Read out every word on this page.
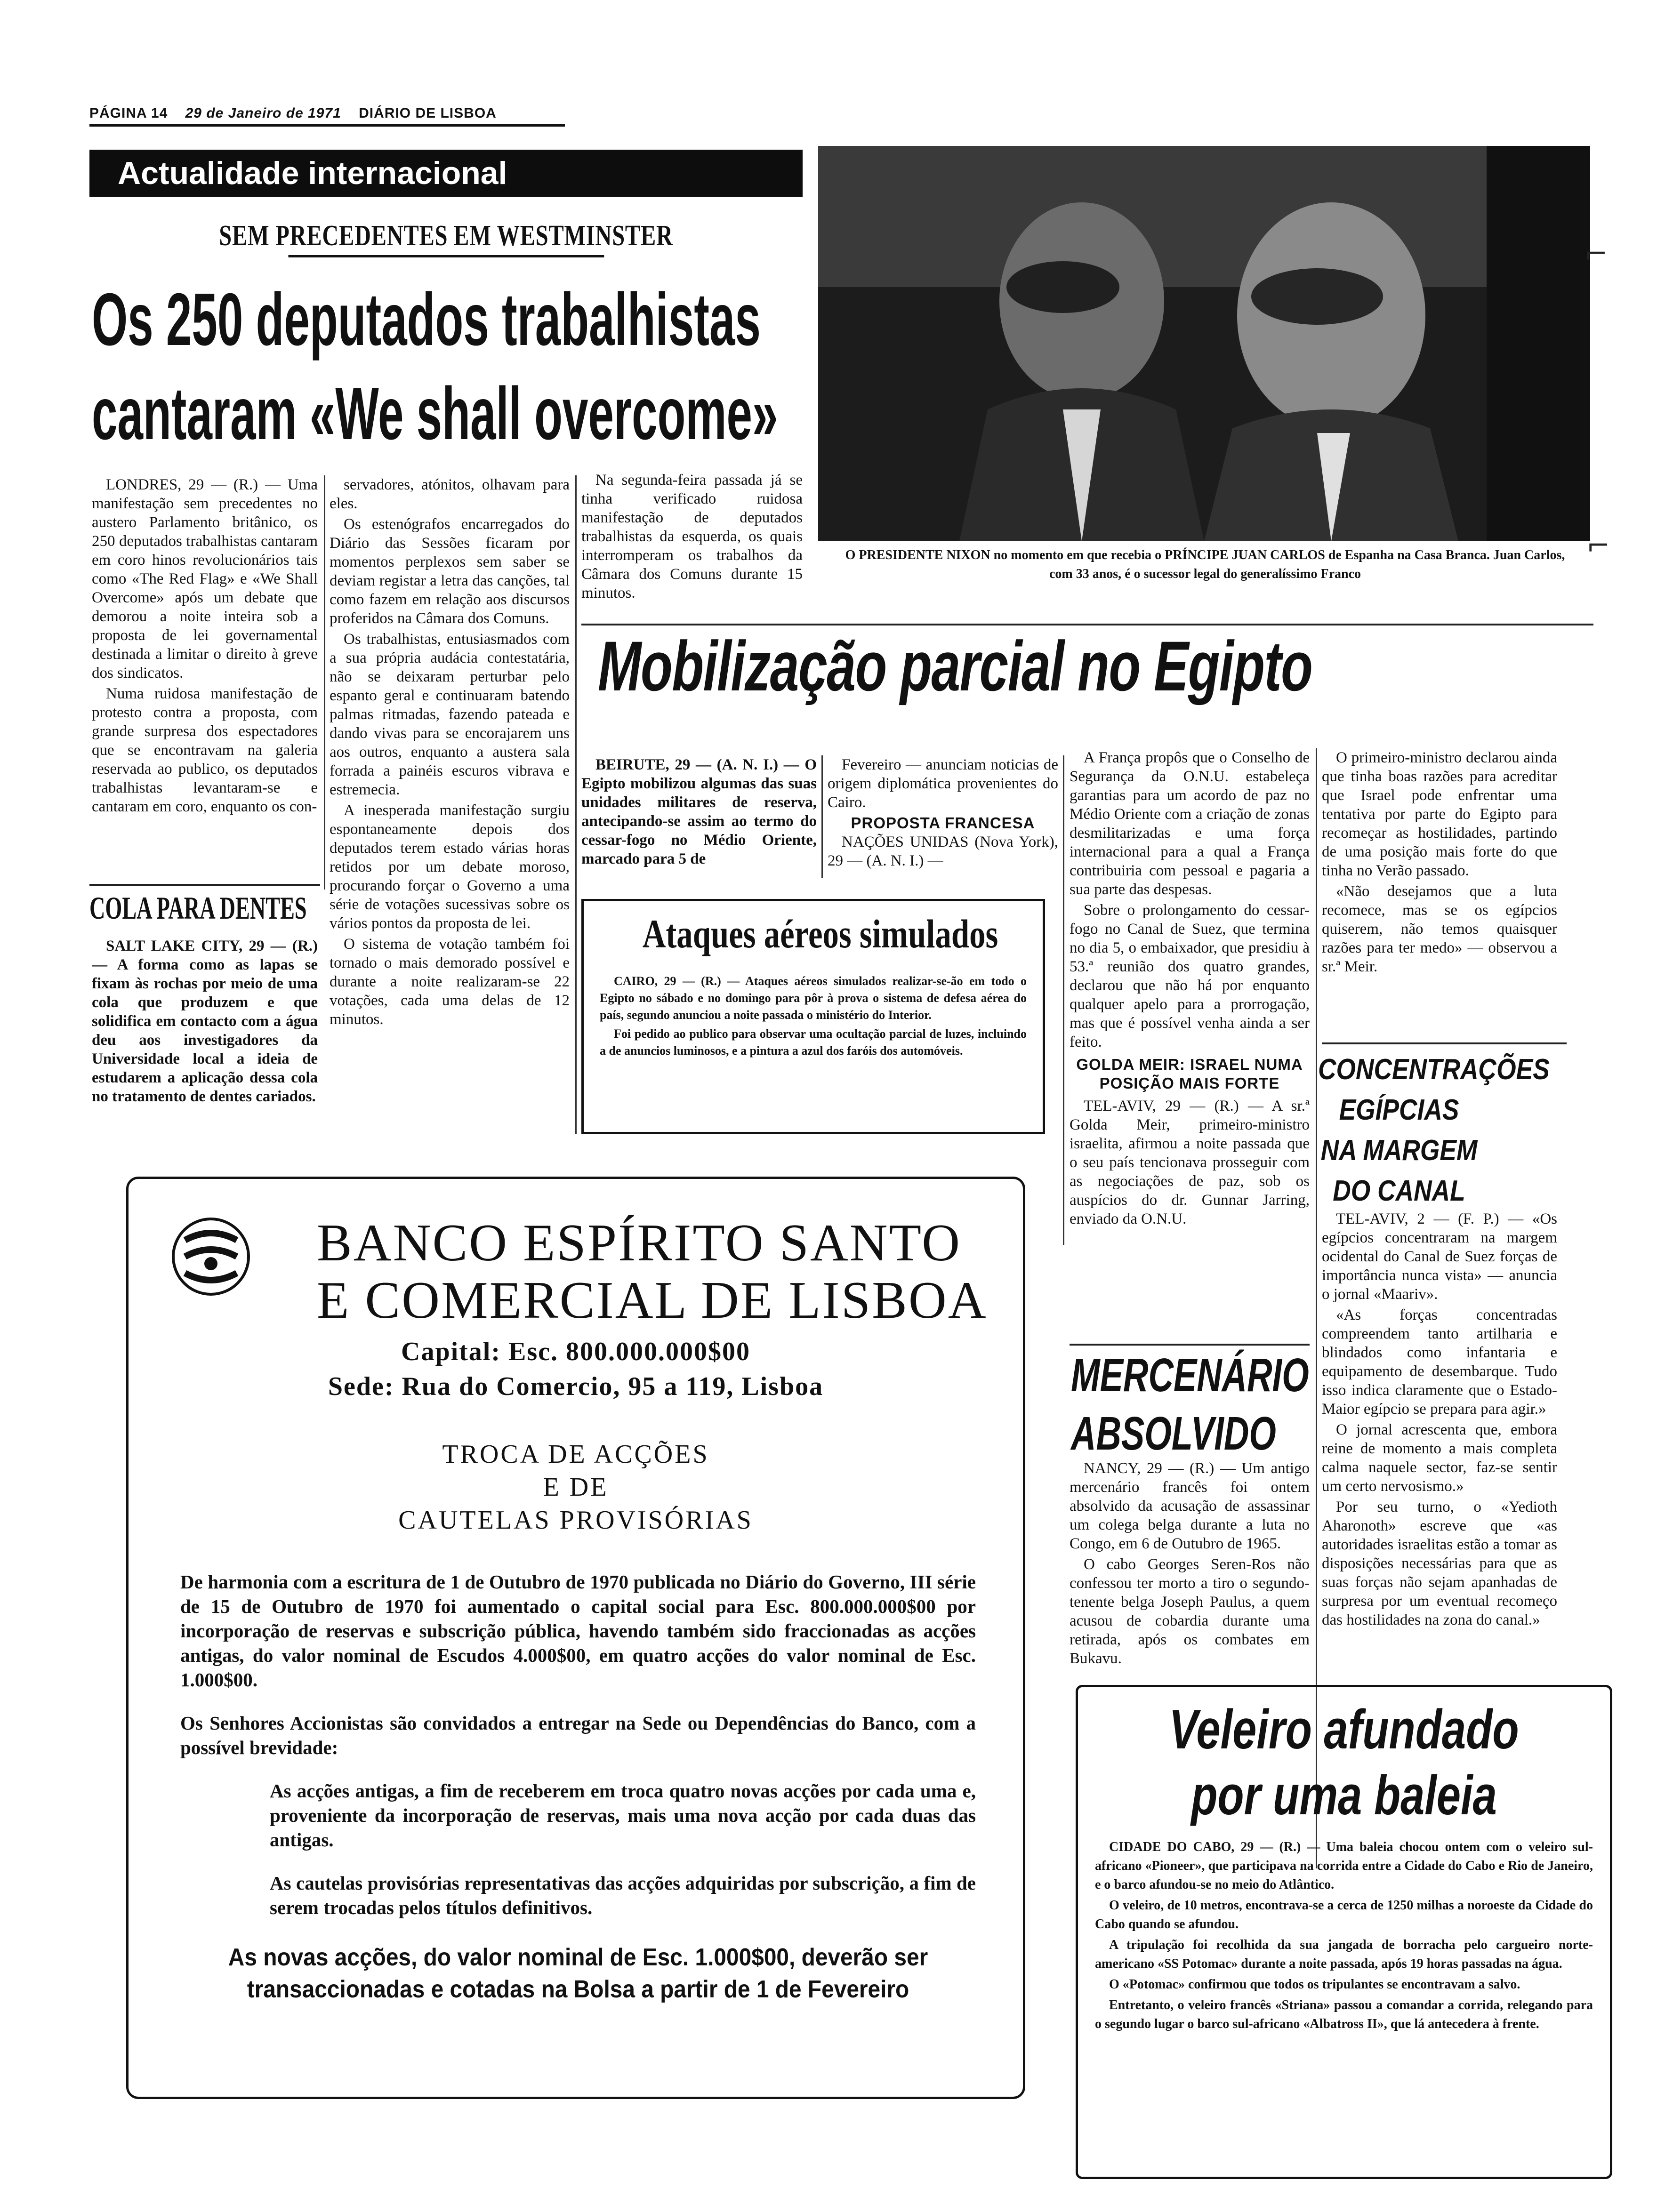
PÁGINA 14 29 de Janeiro de 1971 DIÁRIO DE LISBOA
Actualidade internacional
SEM PRECEDENTES EM WESTMINSTER
Os 250 deputados trabalhistas
cantaram «We shall overcome»

LONDRES, 29 — (R.) — Uma manifestação sem precedentes no austero Parlamento britânico, os 250 deputados trabalhistas cantaram em coro hinos revolucionários tais como «The Red Flag» e «We Shall Overcome» após um debate que demorou a noite inteira sob a proposta de lei governamental destinada a limitar o direito à greve dos sindicatos.

Numa ruidosa manifestação de protesto contra a proposta, com grande surpresa dos espectadores que se encontravam na galeria reservada ao publico, os deputados trabalhistas levantaram-se e cantaram em coro, enquanto os con-

servadores, atónitos, olhavam para eles.

Os estenógrafos encarregados do Diário das Sessões ficaram por momentos perplexos sem saber se deviam registar a letra das canções, tal como fazem em relação aos discursos proferidos na Câmara dos Comuns.

Os trabalhistas, entusiasmados com a sua própria audácia contestatária, não se deixaram perturbar pelo espanto geral e continuaram batendo palmas ritmadas, fazendo pateada e dando vivas para se encorajarem uns aos outros, enquanto a austera sala forrada a painéis escuros vibrava e estremecia.

A inesperada manifestação surgiu espontaneamente depois dos deputados terem estado várias horas retidos por um debate moroso, procurando forçar o Governo a uma série de votações sucessivas sobre os vários pontos da proposta de lei.

O sistema de votação também foi tornado o mais demorado possível e durante a noite realizaram-se 22 votações, cada uma delas de 12 minutos.

Na segunda-feira passada já se tinha verificado ruidosa manifestação de deputados trabalhistas da esquerda, os quais interromperam os trabalhos da Câmara dos Comuns durante 15 minutos.

O PRESIDENTE NIXON no momento em que recebia o PRÍNCIPE JUAN CARLOS de Espanha na Casa Branca. Juan Carlos, com 33 anos, é o sucessor legal do generalíssimo Franco
Mobilização parcial no Egipto

BEIRUTE, 29 — (A. N. I.) — O Egipto mobilizou algumas das suas unidades militares de reserva, antecipando-se assim ao termo do cessar-fogo no Médio Oriente, marcado para 5 de

Fevereiro — anunciam noticias de origem diplomática provenientes do Cairo.

PROPOSTA FRANCESA

NAÇÕES UNIDAS (Nova York), 29 — (A. N. I.) —

A França propôs que o Conselho de Segurança da O.N.U. estabeleça garantias para um acordo de paz no Médio Oriente com a criação de zonas desmilitarizadas e uma força internacional para a qual a França contribuiria com pessoal e pagaria a sua parte das despesas.

Sobre o prolongamento do cessar-fogo no Canal de Suez, que termina no dia 5, o embaixador, que presidiu à 53.ª reunião dos quatro grandes, declarou que não há por enquanto qualquer apelo para a prorrogação, mas que é possível venha ainda a ser feito.

GOLDA MEIR: ISRAEL NUMA POSIÇÃO MAIS FORTE

TEL-AVIV, 29 — (R.) — A sr.ª Golda Meir, primeiro-ministro israelita, afirmou a noite passada que o seu país tencionava prosseguir com as negociações de paz, sob os auspícios do dr. Gunnar Jarring, enviado da O.N.U.

O primeiro-ministro declarou ainda que tinha boas razões para acreditar que Israel pode enfrentar uma tentativa por parte do Egipto para recomeçar as hostilidades, partindo de uma posição mais forte do que tinha no Verão passado.

«Não desejamos que a luta recomece, mas se os egípcios quiserem, não temos quaisquer razões para ter medo» — observou a sr.ª Meir.

COLA PARA DENTES

SALT LAKE CITY, 29 — (R.) — A forma como as lapas se fixam às rochas por meio de uma cola que produzem e que solidifica em contacto com a água deu aos investigadores da Universidade local a ideia de estudarem a aplicação dessa cola no tratamento de dentes cariados.

Ataques aéreos simulados

CAIRO, 29 — (R.) — Ataques aéreos simulados realizar-se-ão em todo o Egipto no sábado e no domingo para pôr à prova o sistema de defesa aérea do país, segundo anunciou a noite passada o ministério do Interior.

Foi pedido ao publico para observar uma ocultação parcial de luzes, incluindo a de anuncios luminosos, e a pintura a azul dos faróis dos automóveis.

CONCENTRAÇÕES EGÍPCIAS NA MARGEM DO CANAL

TEL-AVIV, 2 — (F. P.) — «Os egípcios concentraram na margem ocidental do Canal de Suez forças de importância nunca vista» — anuncia o jornal «Maariv».

«As forças concentradas compreendem tanto artilharia e blindados como infantaria e equipamento de desembarque. Tudo isso indica claramente que o Estado-Maior egípcio se prepara para agir.»

O jornal acrescenta que, embora reine de momento a mais completa calma naquele sector, faz-se sentir um certo nervosismo.»

Por seu turno, o «Yedioth Aharonoth» escreve que «as autoridades israelitas estão a tomar as disposições necessárias para que as suas forças não sejam apanhadas de surpresa por um eventual recomeço das hostilidades na zona do canal.»

MERCENÁRIO
ABSOLVIDO

NANCY, 29 — (R.) — Um antigo mercenário francês foi ontem absolvido da acusação de assassinar um colega belga durante a luta no Congo, em 6 de Outubro de 1965.

O cabo Georges Seren-Ros não confessou ter morto a tiro o segundo-tenente belga Joseph Paulus, a quem acusou de cobardia durante uma retirada, após os combates em Bukavu.

BANCO ESPÍRITO SANTO
E COMERCIAL DE LISBOA
Capital: Esc. 800.000.000$00
Sede: Rua do Comercio, 95 a 119, Lisboa
TROCA DE ACÇÕES
E DE
CAUTELAS PROVISÓRIAS

De harmonia com a escritura de 1 de Outubro de 1970 publicada no Diário do Governo, III série de 15 de Outubro de 1970 foi aumentado o capital social para Esc. 800.000.000$00 por incorporação de reservas e subscrição pública, havendo também sido fraccionadas as acções antigas, do valor nominal de Escudos 4.000$00, em quatro acções do valor nominal de Esc. 1.000$00.

Os Senhores Accionistas são convidados a entregar na Sede ou Dependências do Banco, com a possível brevidade:

As acções antigas, a fim de receberem em troca quatro novas acções por cada uma e, proveniente da incorporação de reservas, mais uma nova acção por cada duas das antigas.
As cautelas provisórias representativas das acções adquiridas por subscrição, a fim de serem trocadas pelos títulos definitivos.
As novas acções, do valor nominal de Esc. 1.000$00, deverão ser transaccionadas e cotadas na Bolsa a partir de 1 de Fevereiro
Veleiro afundado
por uma baleia

CIDADE DO CABO, 29 — (R.) — Uma baleia chocou ontem com o veleiro sul-africano «Pioneer», que participava na corrida entre a Cidade do Cabo e Rio de Janeiro, e o barco afundou-se no meio do Atlântico.

O veleiro, de 10 metros, encontrava-se a cerca de 1250 milhas a noroeste da Cidade do Cabo quando se afundou.

A tripulação foi recolhida da sua jangada de borracha pelo cargueiro norte-americano «SS Potomac» durante a noite passada, após 19 horas passadas na água.

O «Potomac» confirmou que todos os tripulantes se encontravam a salvo.

Entretanto, o veleiro francês «Striana» passou a comandar a corrida, relegando para o segundo lugar o barco sul-africano «Albatross II», que lá antecedera à frente.

⌐
⌐
